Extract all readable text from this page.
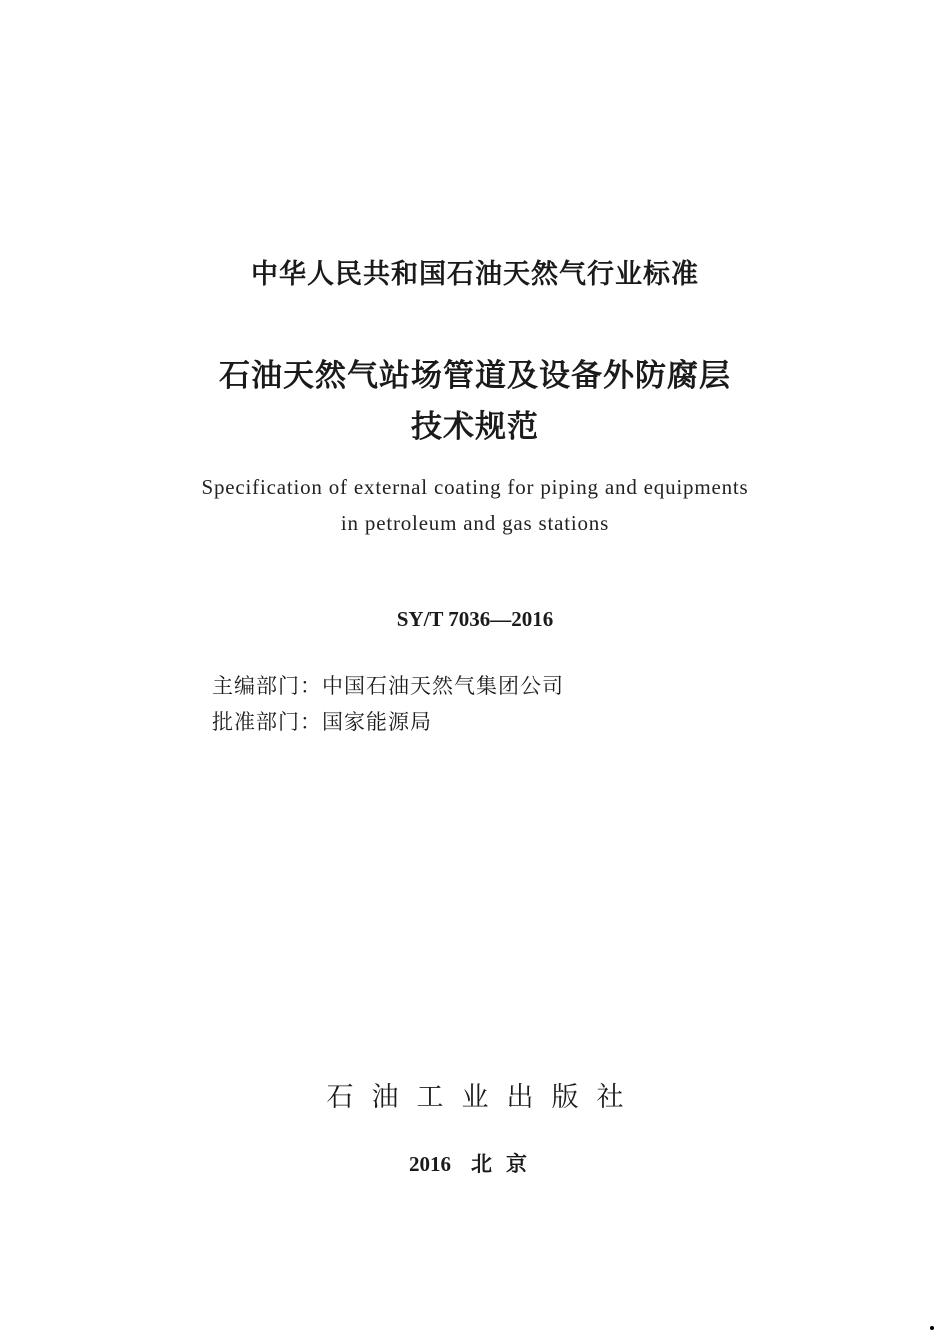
中华人民共和国石油天然气行业标准
石油天然气站场管道及设备外防腐层
技术规范
Specification of external coating for piping and equipments
in petroleum and gas stations
SY/T 7036—2016
主编部门：中国石油天然气集团公司
批准部门：国家能源局
石油工业出版社
2016 北京
